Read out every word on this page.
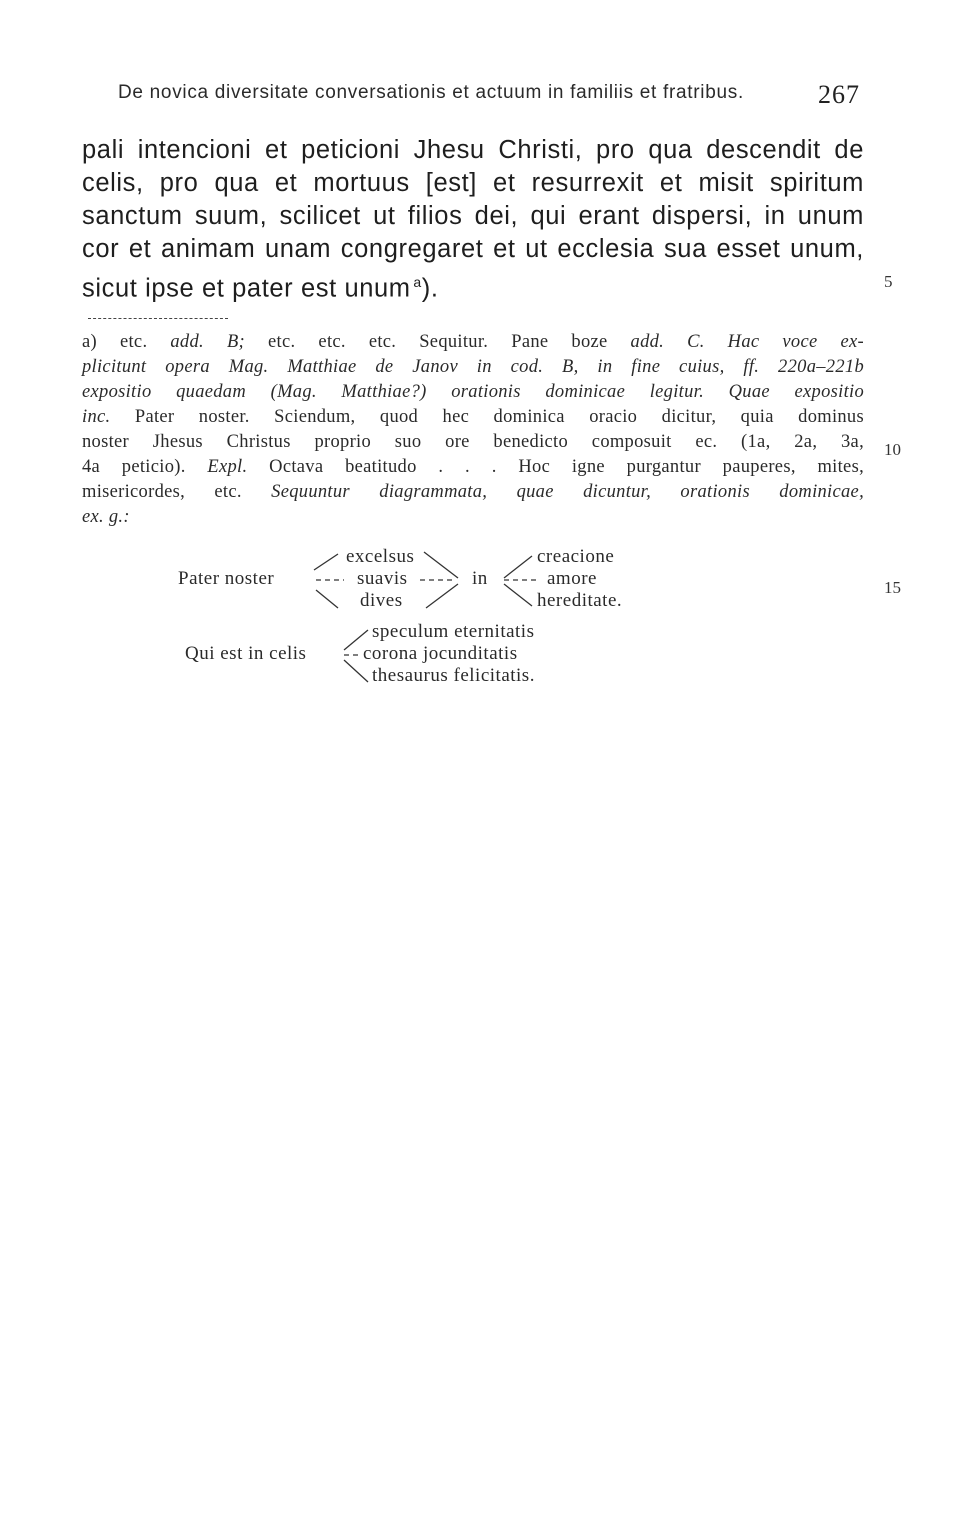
De novica diversitate conversationis et actuum in familiis et fratribus.	267
pali intencioni et peticioni Jhesu Christi, pro qua descendit de
celis, pro qua et mortuus [est] et resurrexit et misit spiritum
sanctum suum, scilicet ut filios dei, qui erant dispersi, in unum
cor et animam unam congregaret et ut ecclesia sua esset unum,
sicut ipse et pater est unum  $^a$).	5
a) etc. add. B; etc. etc. etc. Sequitur. Pane boze add. C. Hac voce ex-
plicitunt opera Mag. Matthiae de Janov in cod. B, in fine cuius, ff. 220a–221b
expositio quaedam (Mag. Matthiae?) orationis dominicae legitur. Quae expositio
inc. Pater noster. Sciendum, quod hec dominica oracio dicitur, quia dominus
noster Jhesus Christus proprio suo ore benedicto composuit ec. (1a, 2a, 3a,
4a peticio). Expl. Octava beatitudo . . . Hoc igne purgantur pauperes, mites,
misericordes, etc. Sequuntur diagrammata, quae dicuntur, orationis dominicae,
ex. g.:
10
Pater noster
excelsus
suavis
dives
in
creacione
amore
hereditate.
15
Qui est in celis
speculum eternitatis
corona jocunditatis
thesaurus felicitatis.
